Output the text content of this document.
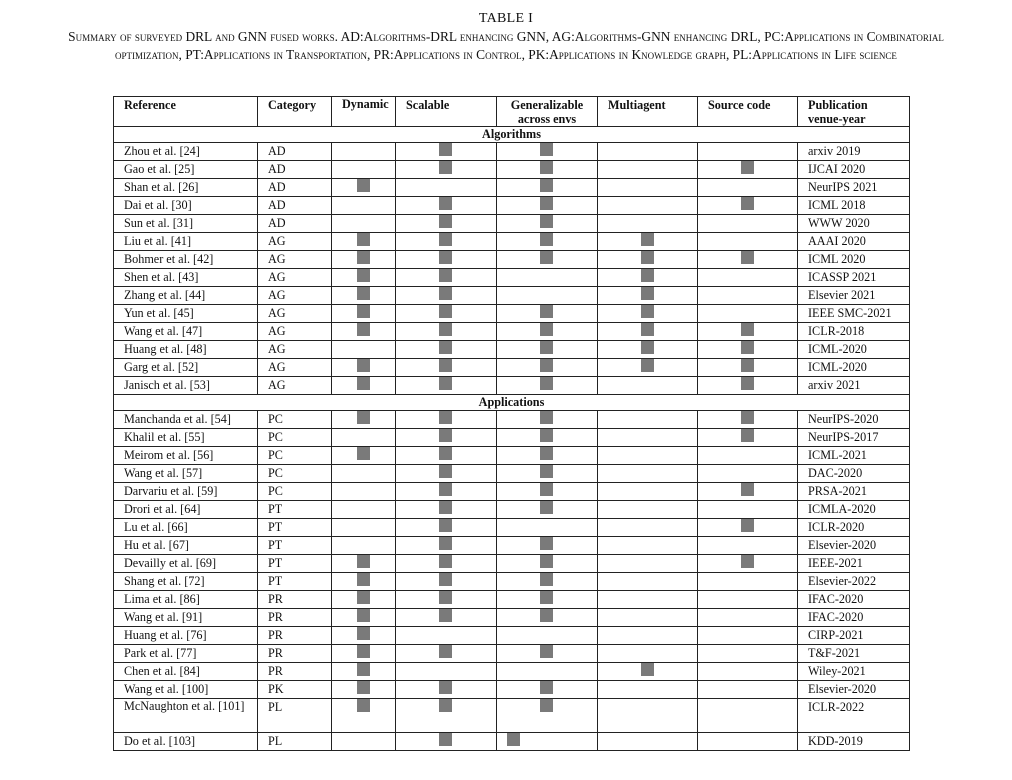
TABLE I
Summary of surveyed DRL and GNN fused works. AD:Algorithms-DRL enhancing GNN, AG:Algorithms-GNN enhancing DRL, PC:Applications in Combinatorial optimization, PT:Applications in Transportation, PR:Applications in Control, PK:Applications in Knowledge graph, PL:Applications in Life science
Reference	Category	Dynamic	Scalable	Generalizable across envs	Multiagent	Source code	Publication venue-year
Algorithms							
Zhou et al. [24]	AD						arxiv 2019
Gao et al. [25]	AD						IJCAI 2020
Shan et al. [26]	AD						NeurIPS 2021
Dai et al. [30]	AD						ICML 2018
Sun et al. [31]	AD						WWW 2020
Liu et al. [41]	AG						AAAI 2020
Bohmer et al. [42]	AG						ICML 2020
Shen et al. [43]	AG						ICASSP 2021
Zhang et al. [44]	AG						Elsevier 2021
Yun et al. [45]	AG						IEEE SMC-2021
Wang et al. [47]	AG						ICLR-2018
Huang et al. [48]	AG						ICML-2020
Garg et al. [52]	AG						ICML-2020
Janisch et al. [53]	AG						arxiv 2021
Applications							
Manchanda et al. [54]	PC						NeurIPS-2020
Khalil et al. [55]	PC						NeurIPS-2017
Meirom et al. [56]	PC						ICML-2021
Wang et al. [57]	PC						DAC-2020
Darvariu et al. [59]	PC						PRSA-2021
Drori et al. [64]	PT						ICMLA-2020
Lu et al. [66]	PT						ICLR-2020
Hu et al. [67]	PT						Elsevier-2020
Devailly et al. [69]	PT						IEEE-2021
Shang et al. [72]	PT						Elsevier-2022
Lima et al. [86]	PR						IFAC-2020
Wang et al. [91]	PR						IFAC-2020
Huang et al. [76]	PR						CIRP-2021
Park et al. [77]	PR						T&F-2021
Chen et al. [84]	PR						Wiley-2021
Wang et al. [100]	PK						Elsevier-2020
McNaughton et al. [101]	PL						ICLR-2022
Do et al. [103]	PL						KDD-2019
